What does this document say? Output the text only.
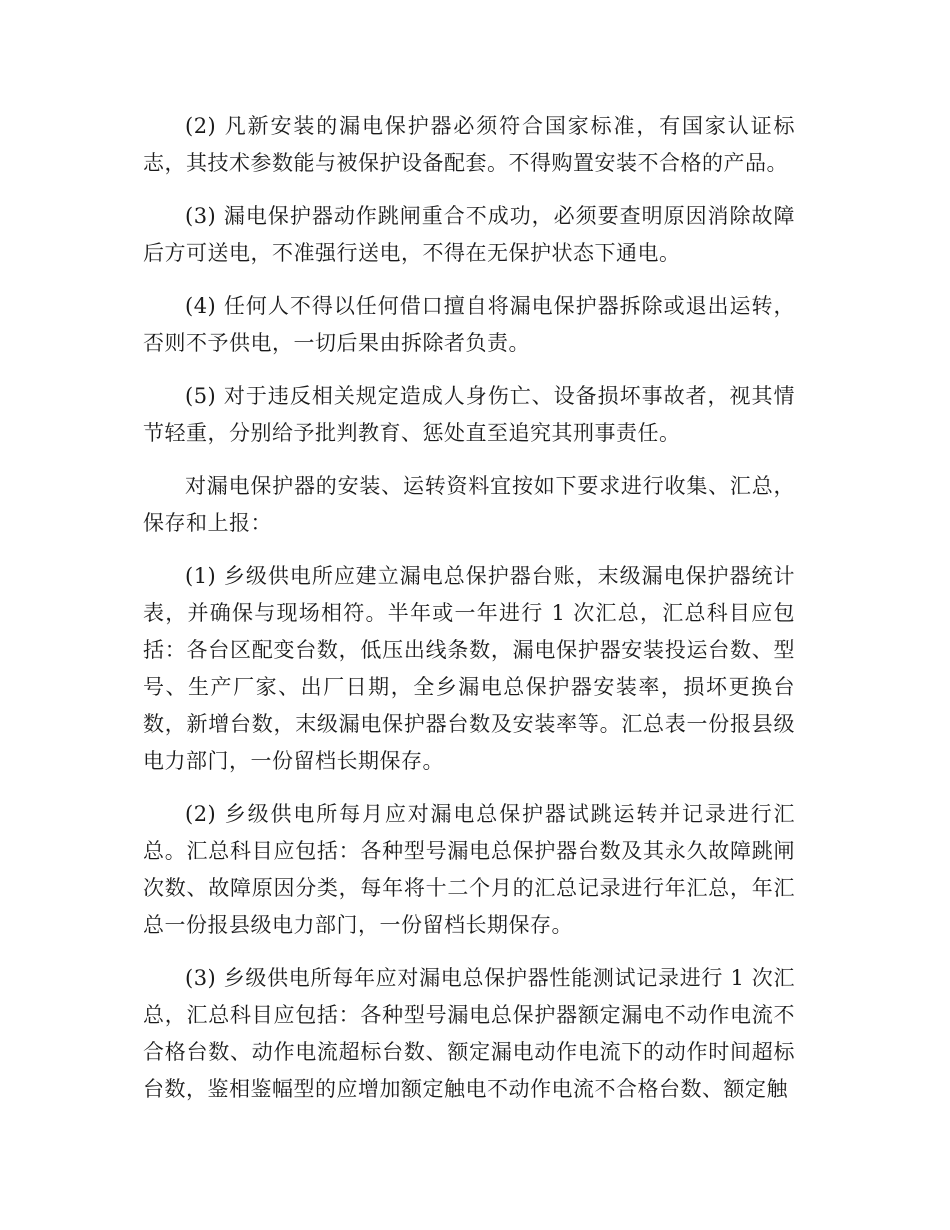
(2) 凡新安装的漏电保护器必须符合国家标准，有国家认证标志，其技术参数能与被保护设备配套。不得购置安装不合格的产品。

(3) 漏电保护器动作跳闸重合不成功，必须要查明原因消除故障后方可送电，不准强行送电，不得在无保护状态下通电。

(4) 任何人不得以任何借口擅自将漏电保护器拆除或退出运转，否则不予供电，一切后果由拆除者负责。

(5) 对于违反相关规定造成人身伤亡、设备损坏事故者，视其情节轻重，分别给予批判教育、惩处直至追究其刑事责任。

对漏电保护器的安装、运转资料宜按如下要求进行收集、汇总，保存和上报：

(1) 乡级供电所应建立漏电总保护器台账，末级漏电保护器统计表，并确保与现场相符。半年或一年进行 1 次汇总，汇总科目应包括：各台区配变台数，低压出线条数，漏电保护器安装投运台数、型号、生产厂家、出厂日期，全乡漏电总保护器安装率，损坏更换台数，新增台数，末级漏电保护器台数及安装率等。汇总表一份报县级电力部门，一份留档长期保存。

(2) 乡级供电所每月应对漏电总保护器试跳运转并记录进行汇总。汇总科目应包括：各种型号漏电总保护器台数及其永久故障跳闸次数、故障原因分类，每年将十二个月的汇总记录进行年汇总，年汇总一份报县级电力部门，一份留档长期保存。

(3) 乡级供电所每年应对漏电总保护器性能测试记录进行 1 次汇总，汇总科目应包括：各种型号漏电总保护器额定漏电不动作电流不合格台数、动作电流超标台数、额定漏电动作电流下的动作时间超标台数，鉴相鉴幅型的应增加额定触电不动作电流不合格台数、额定触
